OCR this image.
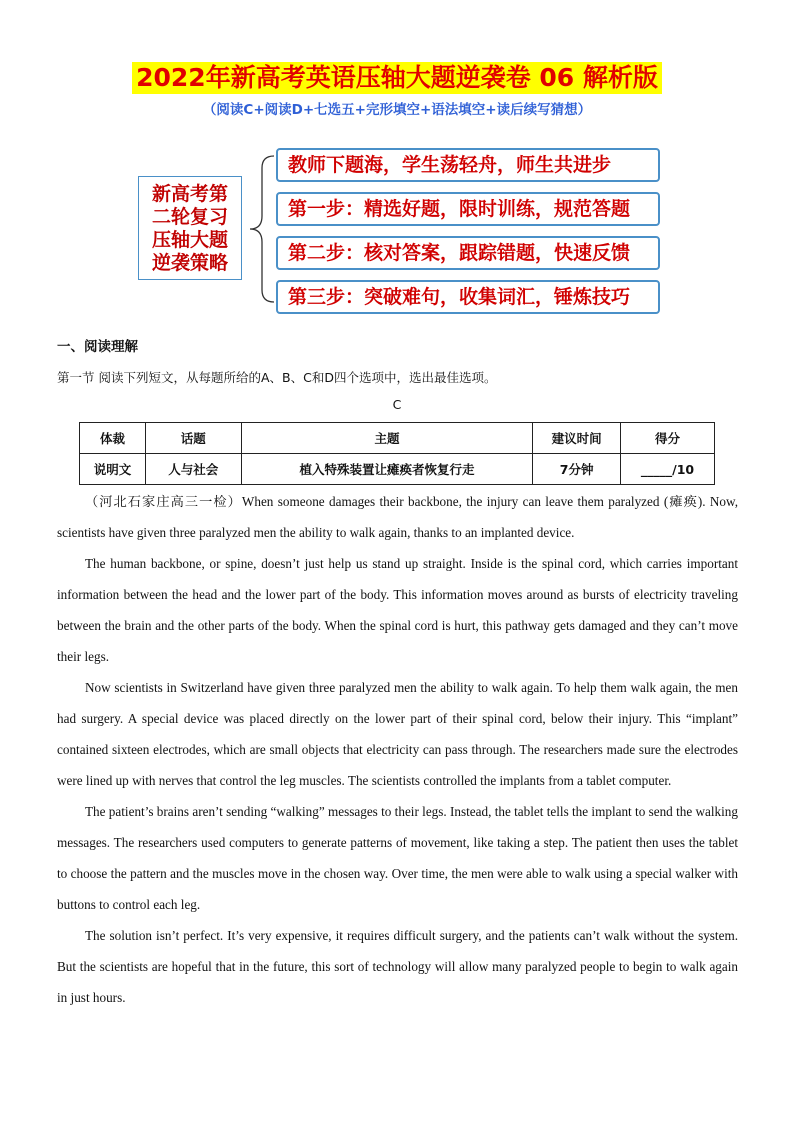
2022年新高考英语压轴大题逆袭卷 06 解析版
（阅读C+阅读D+七选五+完形填空+语法填空+读后续写猜想）
新高考第
二轮复习
压轴大题
逆袭策略
教师下题海，学生荡轻舟，师生共进步
第一步：精选好题，限时训练，规范答题
第二步：核对答案，跟踪错题，快速反馈
第三步：突破难句，收集词汇，锤炼技巧
一、阅读理解
第一节 阅读下列短文，从每题所给的A、B、C和D四个选项中，选出最佳选项。
C
体裁	话题	主题	建议时间	得分
说明文	人与社会	植入特殊装置让瘫痪者恢复行走	7分钟	_____/10

（河北石家庄高三一检）When someone damages their backbone, the injury can leave them paralyzed (瘫痪). Now, scientists have given three paralyzed men the ability to walk again, thanks to an implanted device.

The human backbone, or spine, doesn’t just help us stand up straight. Inside is the spinal cord, which carries important information between the head and the lower part of the body. This information moves around as bursts of electricity traveling between the brain and the other parts of the body. When the spinal cord is hurt, this pathway gets damaged and they can’t move their legs.

Now scientists in Switzerland have given three paralyzed men the ability to walk again. To help them walk again, the men had surgery. A special device was placed directly on the lower part of their spinal cord, below their injury. This “implant” contained sixteen electrodes, which are small objects that electricity can pass through. The researchers made sure the electrodes were lined up with nerves that control the leg muscles. The scientists controlled the implants from a tablet computer.

The patient’s brains aren’t sending “walking” messages to their legs. Instead, the tablet tells the implant to send the walking messages. The researchers used computers to generate patterns of movement, like taking a step. The patient then uses the tablet to choose the pattern and the muscles move in the chosen way. Over time, the men were able to walk using a special walker with buttons to control each leg.

The solution isn’t perfect. It’s very expensive, it requires difficult surgery, and the patients can’t walk without the system. But the scientists are hopeful that in the future, this sort of technology will allow many paralyzed people to begin to walk again in just hours.
